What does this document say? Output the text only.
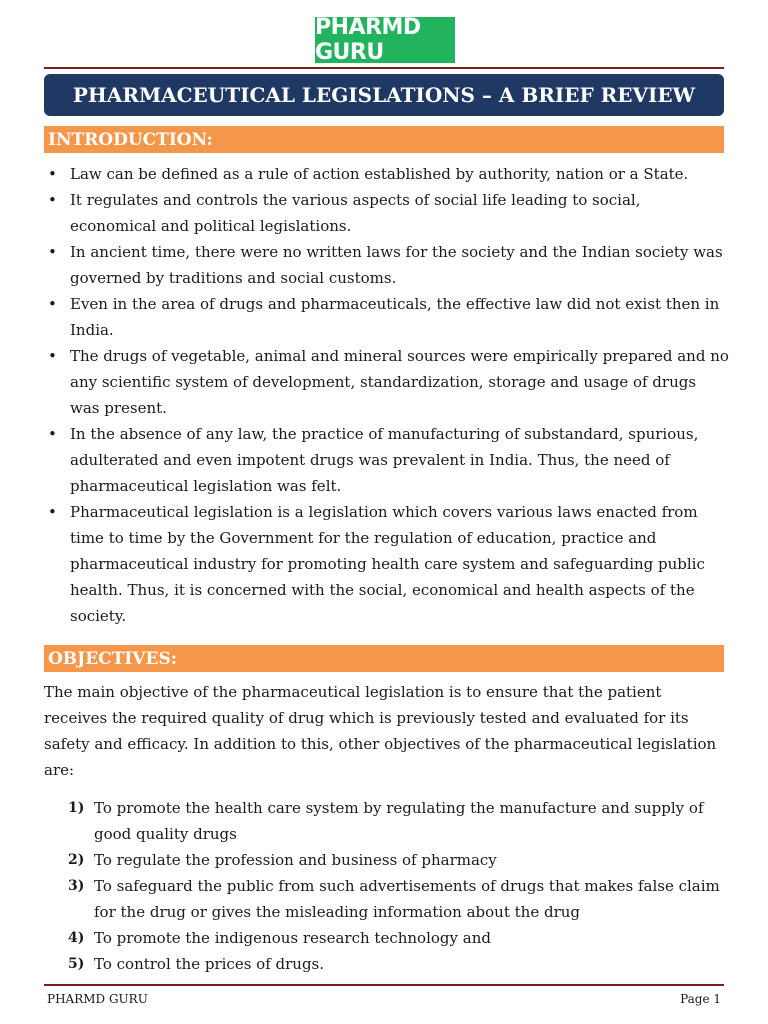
PHARMD GURU
PHARMACEUTICAL LEGISLATIONS – A BRIEF REVIEW
INTRODUCTION:
• Law can be defined as a rule of action established by authority, nation or a State.
• It regulates and controls the various aspects of social life leading to social, economical and political legislations.
• In ancient time, there were no written laws for the society and the Indian society was governed by traditions and social customs.
• Even in the area of drugs and pharmaceuticals, the effective law did not exist then in India.
• The drugs of vegetable, animal and mineral sources were empirically prepared and no any scientific system of development, standardization, storage and usage of drugs was present.
• In the absence of any law, the practice of manufacturing of substandard, spurious, adulterated and even impotent drugs was prevalent in India. Thus, the need of pharmaceutical legislation was felt.
• Pharmaceutical legislation is a legislation which covers various laws enacted from time to time by the Government for the regulation of education, practice and pharmaceutical industry for promoting health care system and safeguarding public health. Thus, it is concerned with the social, economical and health aspects of the society.
OBJECTIVES:
The main objective of the pharmaceutical legislation is to ensure that the patient receives the required quality of drug which is previously tested and evaluated for its safety and efficacy. In addition to this, other objectives of the pharmaceutical legislation are:
1) To promote the health care system by regulating the manufacture and supply of good quality drugs
2) To regulate the profession and business of pharmacy
3) To safeguard the public from such advertisements of drugs that makes false claim for the drug or gives the misleading information about the drug
4) To promote the indigenous research technology and
5) To control the prices of drugs.
PHARMD GURU	Page 1
